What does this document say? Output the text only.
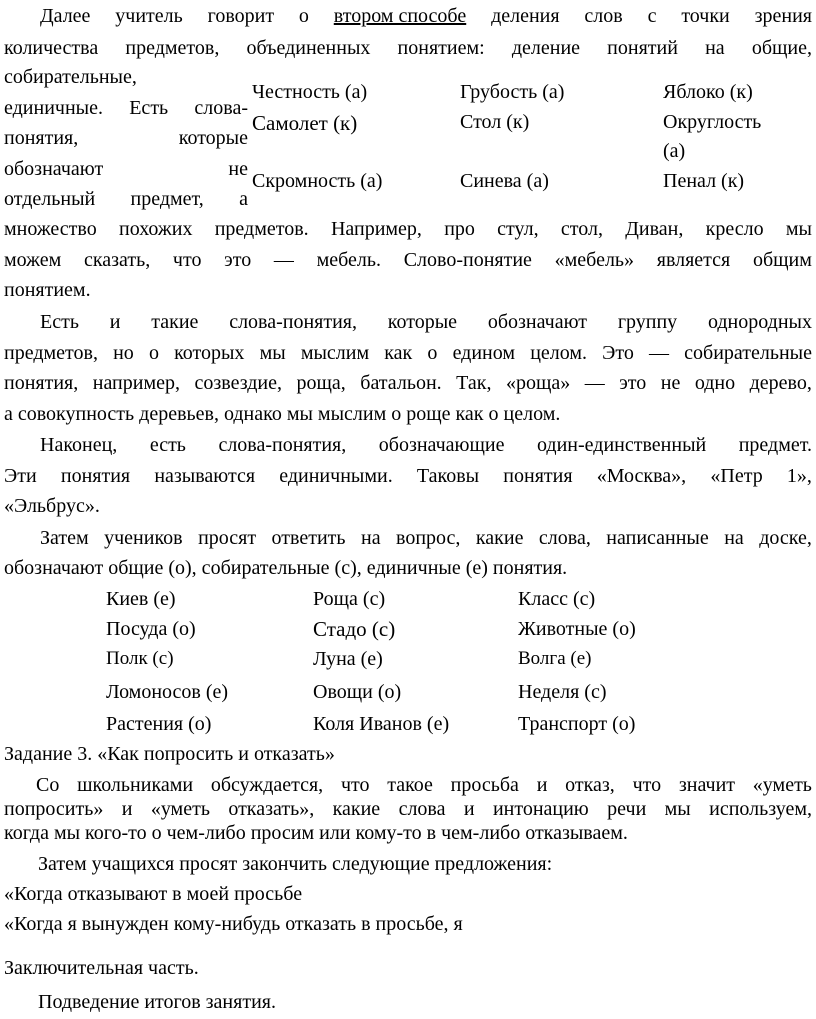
Далее учитель говорит о втором способе деления слов с точки зрения
количества предметов, объединенных понятием: деление понятий на общие,
собирательные,
единичные. Есть слова-
понятия,	которые
обозначают	не
отдельный предмет, а
Честность (а)	Грубость (а)	Яблоко (к)
Самолет (к)	Стол (к)	Округлость
(а)
Скромность (а)	Синева (а)	Пенал (к)
множество похожих предметов. Например, про стул, стол, Диван, кресло мы
можем сказать, что это — мебель. Слово-понятие «мебель» является общим
понятием.
Есть и такие слова-понятия, которые обозначают группу однородных
предметов, но о которых мы мыслим как о едином целом. Это — собирательные
понятия, например, созвездие, роща, батальон. Так, «роща» — это не одно дерево,
а совокупность деревьев, однако мы мыслим о роще как о целом.
Наконец, есть слова-понятия, обозначающие один-единственный предмет.
Эти понятия называются единичными. Таковы понятия «Москва», «Петр 1»,
«Эльбрус».
Затем учеников просят ответить на вопрос, какие слова, написанные на доске,
обозначают общие (о), собирательные (с), единичные (е) понятия.
Киев (е)	Роща (с)	Класс (с)
Посуда (о)	Стадо (с)	Животные (о)
Полк (с)	Луна (е)	Волга (е)
Ломоносов (е)	Овощи (о)	Неделя (с)
Растения (о)	Коля Иванов (е)	Транспорт (о)
Задание 3. «Как попросить и отказать»
Со школьниками обсуждается, что такое просьба и отказ, что значит «уметь
попросить» и «уметь отказать», какие слова и интонацию речи мы используем,
когда мы кого-то о чем-либо просим или кому-то в чем-либо отказываем.
Затем учащихся просят закончить следующие предложения:
«Когда отказывают в моей просьбе
«Когда я вынужден кому-нибудь отказать в просьбе, я
Заключительная часть.
Подведение итогов занятия.
